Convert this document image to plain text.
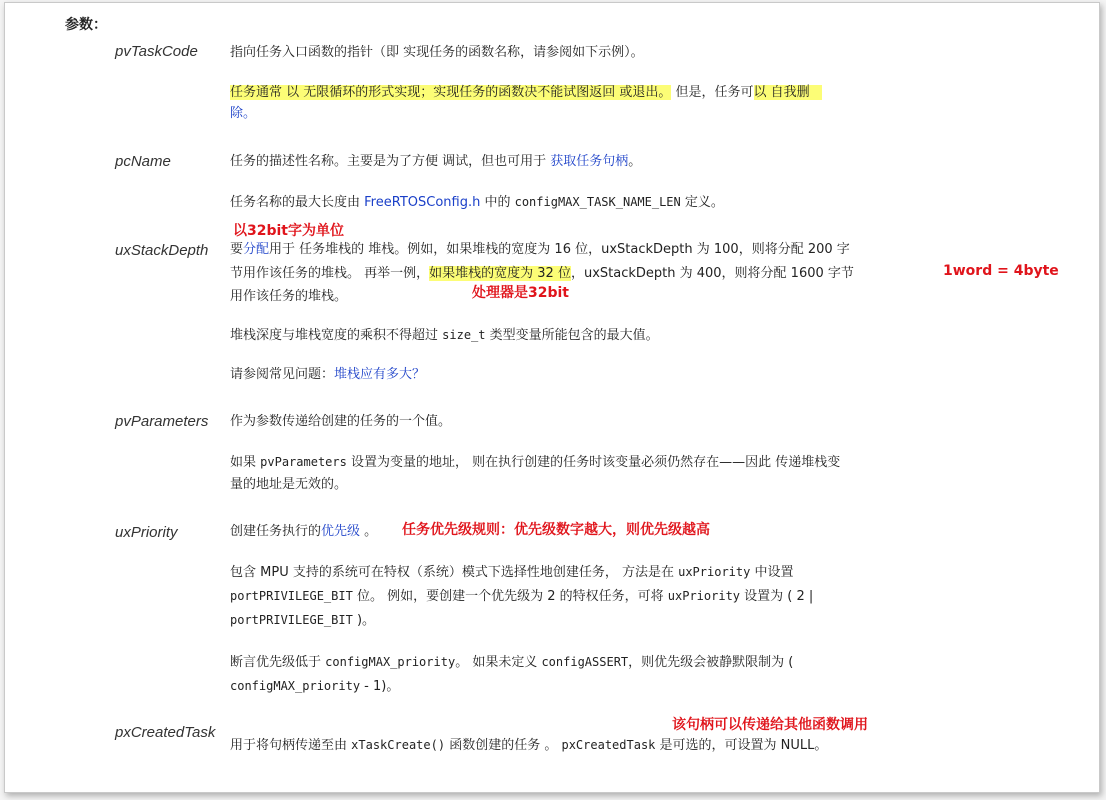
参数：
pvTaskCode 指向任务入口函数的指针（即 实现任务的函数名称，请参阅如下示例）。
任务通常 以 无限循环的形式实现；实现任务的函数决不能试图返回 或退出。 但是，任务可以 自我删
除。
pcName	任务的描述性名称。主要是为了方便 调试，但也可用于 获取任务句柄。
任务名称的最大长度由 FreeRTOSConfig.h 中的 configMAX_TASK_NAME_LEN 定义。
以32bit字为单位
uxStackDepth 要分配用于 任务堆栈的 堆栈。例如，如果堆栈的宽度为 16 位，uxStackDepth 为 100，则将分配 200 字
节用作该任务的堆栈。 再举一例，如果堆栈的宽度为 32 位，uxStackDepth 为 400，则将分配 1600 字节	1word = 4byte
用作该任务的堆栈。	处理器是32bit
堆栈深度与堆栈宽度的乘积不得超过 size_t 类型变量所能包含的最大值。
请参阅常见问题：堆栈应有多大？
pvParameters 作为参数传递给创建的任务的一个值。
如果 pvParameters 设置为变量的地址， 则在执行创建的任务时该变量必须仍然存在——因此 传递堆栈变
量的地址是无效的。
uxPriority	创建任务执行的优先级 。 任务优先级规则：优先级数字越大，则优先级越高
包含 MPU 支持的系统可在特权（系统）模式下选择性地创建任务， 方法是在 uxPriority 中设置
portPRIVILEGE_BIT 位。 例如，要创建一个优先级为 2 的特权任务，可将 uxPriority 设置为 ( 2 |
portPRIVILEGE_BIT )。
断言优先级低于 configMAX_priority。 如果未定义 configASSERT，则优先级会被静默限制为 (
configMAX_priority - 1)。
该句柄可以传递给其他函数调用
pxCreatedTask
用于将句柄传递至由 xTaskCreate() 函数创建的任务 。 pxCreatedTask 是可选的，可设置为 NULL。
